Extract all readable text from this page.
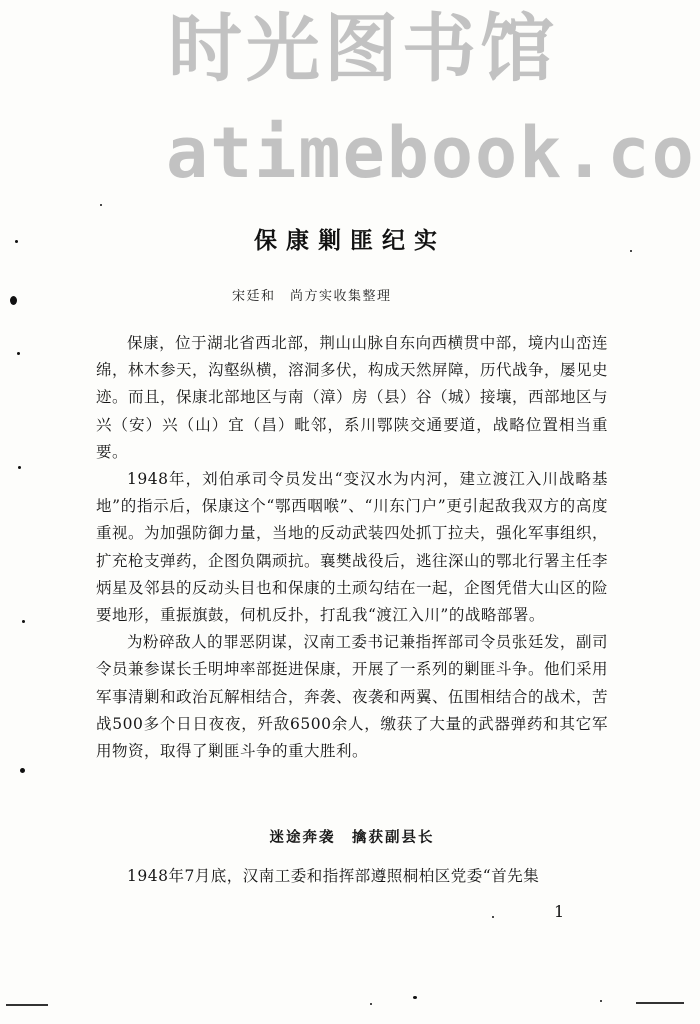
时光图书馆
atimebook.co
保康剿匪纪实
宋廷和　尚方实收集整理

保康，位于湖北省西北部，荆山山脉自东向西横贯中部，境内山峦连绵，林木参天，沟壑纵横，溶洞多伏，构成天然屏障，历代战争，屡见史迹。而且，保康北部地区与南（漳）房（县）谷（城）接壤，西部地区与兴（安）兴（山）宜（昌）毗邻，系川鄂陕交通要道，战略位置相当重要。

1948年，刘伯承司令员发出“变汉水为内河，建立渡江入川战略基地”的指示后，保康这个“鄂西咽喉”、“川东门户”更引起敌我双方的高度重视。为加强防御力量，当地的反动武装四处抓丁拉夫，强化军事组织，扩充枪支弹药，企图负隅顽抗。襄樊战役后，逃往深山的鄂北行署主任李炳星及邻县的反动头目也和保康的土顽勾结在一起，企图凭借大山区的险要地形，重振旗鼓，伺机反扑，打乱我“渡江入川”的战略部署。

为粉碎敌人的罪恶阴谋，汉南工委书记兼指挥部司令员张廷发，副司令员兼参谋长壬明坤率部挺进保康，开展了一系列的剿匪斗争。他们采用军事清剿和政治瓦解相结合，奔袭、夜袭和两翼、伍围相结合的战术，苦战500多个日日夜夜，歼敌6500余人，缴获了大量的武器弹药和其它军用物资，取得了剿匪斗争的重大胜利。

迷途奔袭　擒获副县长
1948年7月底，汉南工委和指挥部遵照桐柏区党委“首先集
1
